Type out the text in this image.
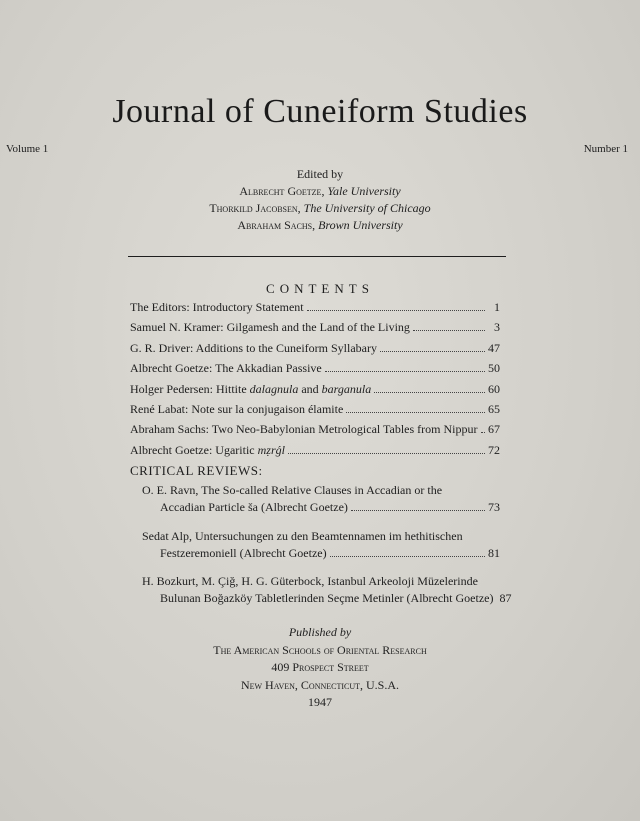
Journal of Cuneiform Studies
Volume 1	Number 1
Edited by
Albrecht Goetze, Yale University
Thorkild Jacobsen, The University of Chicago
Abraham Sachs, Brown University
CONTENTS
The Editors: Introductory Statement	1
Samuel N. Kramer: Gilgamesh and the Land of the Living	3
G. R. Driver: Additions to the Cuneiform Syllabary	47
Albrecht Goetze: The Akkadian Passive	50
Holger Pedersen: Hittite dalagnula and barganula	60
René Labat: Note sur la conjugaison élamite	65
Abraham Sachs: Two Neo-Babylonian Metrological Tables from Nippur 67
Albrecht Goetze: Ugaritic mẓrǵl	72
CRITICAL REVIEWS:
O. E. Ravn, The So-called Relative Clauses in Accadian or the
Accadian Particle ša (Albrecht Goetze)	73
Sedat Alp, Untersuchungen zu den Beamtennamen im hethitischen
Festzeremoniell (Albrecht Goetze)	81
H. Bozkurt, M. Çiğ, H. G. Güterbock, Istanbul Arkeoloji Müzelerinde
Bulunan Boğazköy Tabletlerinden Seçme Metinler (Albrecht Goetze) 87
Published by
The American Schools of Oriental Research
409 Prospect Street
New Haven, Connecticut, U.S.A.
1947
